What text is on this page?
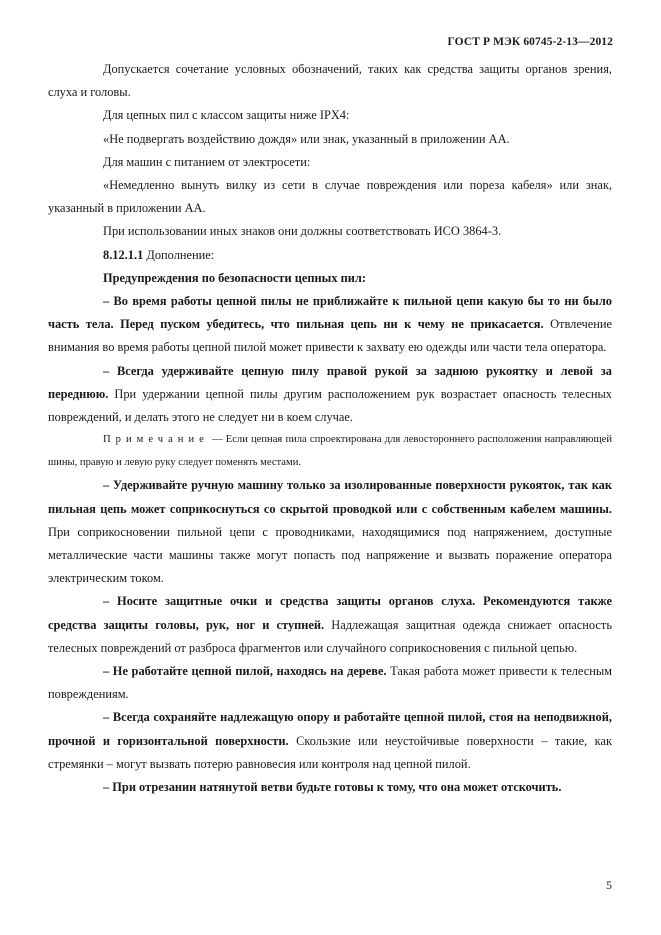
ГОСТ Р МЭК 60745-2-13—2012

Допускается сочетание условных обозначений, таких как средства защиты органов зрения, слуха и головы.

Для цепных пил с классом защиты ниже IPX4:

«Не подвергать воздействию дождя» или знак, указанный в приложении АА.

Для машин с питанием от электросети:

«Немедленно вынуть вилку из сети в случае повреждения или пореза кабеля» или знак, указанный в приложении АА.

При использовании иных знаков они должны соответствовать ИСО 3864-3.

8.12.1.1 Дополнение:

Предупреждения по безопасности цепных пил:

– Во время работы цепной пилы не приближайте к пильной цепи какую бы то ни было часть тела. Перед пуском убедитесь, что пильная цепь ни к чему не прикасается. Отвлечение внимания во время работы цепной пилой может привести к захвату ею одежды или части тела оператора.

– Всегда удерживайте цепную пилу правой рукой за заднюю рукоятку и левой за переднюю. При удержании цепной пилы другим расположением рук возрастает опасность телесных повреждений, и делать этого не следует ни в коем случае.

Примечание — Если цепная пила спроектирована для левостороннего расположения направляющей шины, правую и левую руку следует поменять местами.

– Удерживайте ручную машину только за изолированные поверхности рукояток, так как пильная цепь может соприкоснуться со скрытой проводкой или с собственным кабелем машины. При соприкосновении пильной цепи с проводниками, находящимися под напряжением, доступные металлические части машины также могут попасть под напряжение и вызвать поражение оператора электрическим током.

– Носите защитные очки и средства защиты органов слуха. Рекомендуются также средства защиты головы, рук, ног и ступней. Надлежащая защитная одежда снижает опасность телесных повреждений от разброса фрагментов или случайного соприкосновения с пильной цепью.

– Не работайте цепной пилой, находясь на дереве. Такая работа может привести к телесным повреждениям.

– Всегда сохраняйте надлежащую опору и работайте цепной пилой, стоя на неподвижной, прочной и горизонтальной поверхности. Скользкие или неустойчивые поверхности – такие, как стремянки – могут вызвать потерю равновесия или контроля над цепной пилой.

– При отрезании натянутой ветви будьте готовы к тому, что она может отскочить.

5
